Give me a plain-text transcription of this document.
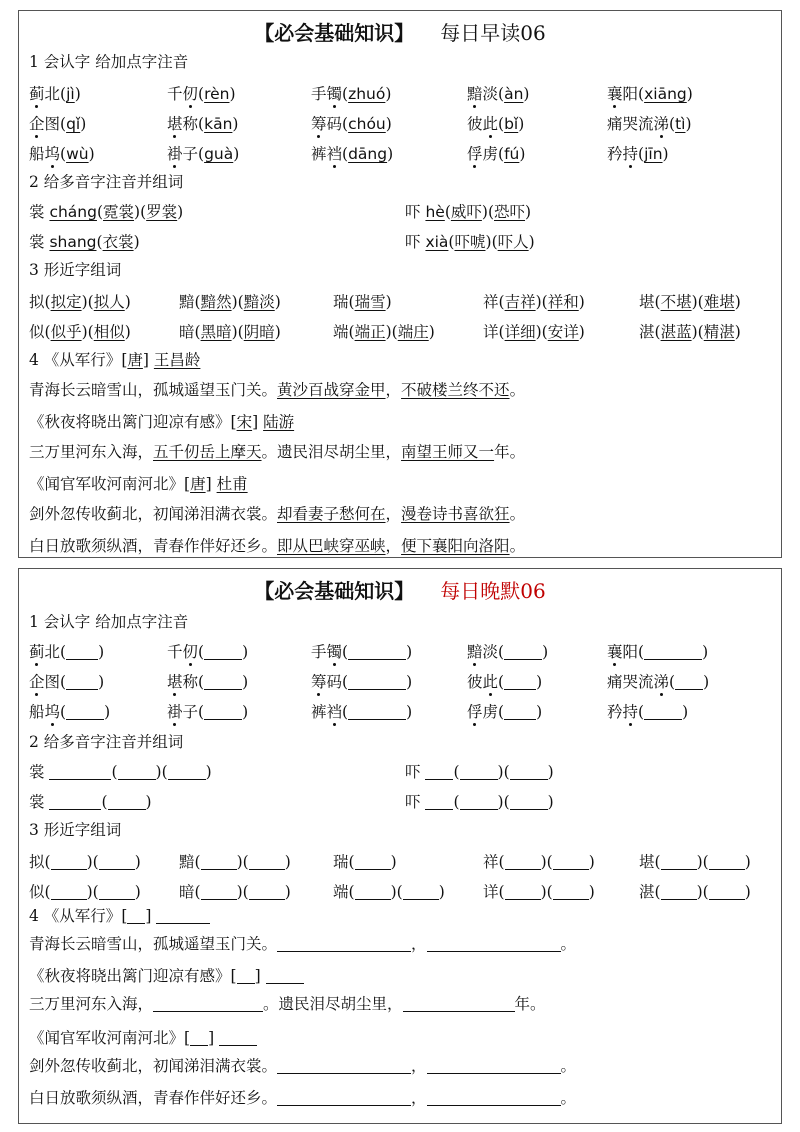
【必会基础知识】 每日早读06
1 会认字 给加点字注音
蓟北(jì)	千仞(rèn)	手镯(zhuó)	黯淡(àn)	襄阳(xiāng)
企图(qǐ)	堪称(kān)	筹码(chóu)	彼此(bǐ)	痛哭流涕(tì)
船坞(wù)	褂子(guà)	裤裆(dāng)	俘虏(fú)	矜持(jīn)
2 给多音字注音并组词
裳 cháng(霓裳)(罗裳)	吓 hè(威吓)(恐吓)
裳 shang(衣裳)	吓 xià(吓唬)(吓人)
3 形近字组词
拟(拟定)(拟人)	黯(黯然)(黯淡)	瑞(瑞雪)	祥(吉祥)(祥和)	堪(不堪)(难堪)
似(似乎)(相似)	暗(黑暗)(阴暗)	端(端正)(端庄)	详(详细)(安详)	湛(湛蓝)(精湛)
4 《从军行》[唐] 王昌龄
青海长云暗雪山，孤城遥望玉门关。黄沙百战穿金甲，不破楼兰终不还。
《秋夜将晓出篱门迎凉有感》[宋] 陆游
三万里河东入海，五千仞岳上摩天。遗民泪尽胡尘里，南望王师又一年。
《闻官军收河南河北》[唐] 杜甫
剑外忽传收蓟北，初闻涕泪满衣裳。却看妻子愁何在，漫卷诗书喜欲狂。
白日放歌须纵酒，青春作伴好还乡。即从巴峡穿巫峡，便下襄阳向洛阳。
【必会基础知识】 每日晚默06
1 会认字 给加点字注音
蓟北( )	千仞( )	手镯(	)	黯淡( )	襄阳(	)
企图( )	堪称( )	筹码(	)	彼此( )	痛哭流涕( )
船坞( )	褂子( )	裤裆(	)	俘虏( )	矜持( )
2 给多音字注音并组词
裳	( )( )	吓 ( )( )
裳	( )	吓 ( )( )
3 形近字组词
拟( )( ) 黯( )( )	瑞( )	祥( )( )	堪( )( )
似( )( ) 暗( )( )	端( )( ) 详( )( )	湛( )( )
4 《从军行》[ ]
青海长云暗雪山，孤城遥望玉门关。	，	。
《秋夜将晓出篱门迎凉有感》[ ]
三万里河东入海，	。遗民泪尽胡尘里，	年。
《闻官军收河南河北》[ ]
剑外忽传收蓟北，初闻涕泪满衣裳。	，	。
白日放歌须纵酒，青春作伴好还乡。	，	。
